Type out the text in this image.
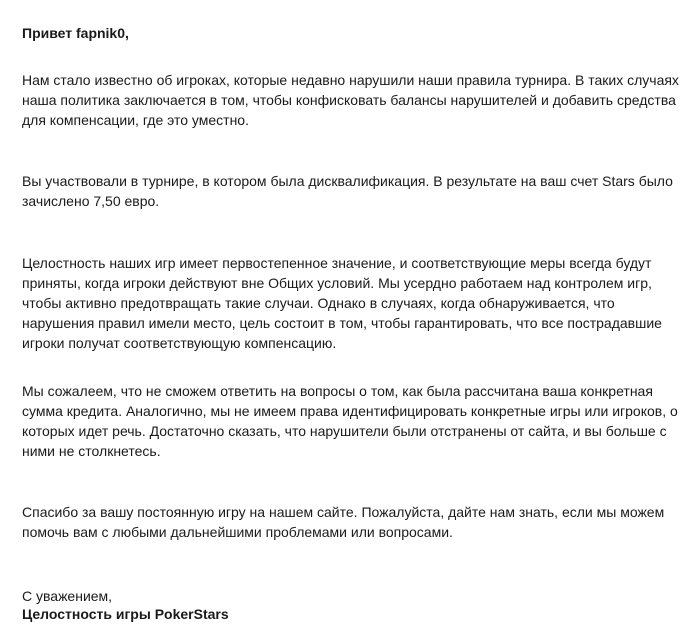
Привет fapnik0,

Нам стало известно об игроках, которые недавно нарушили наши правила турнира. В таких случаях наша политика заключается в том, чтобы конфисковать балансы нарушителей и добавить средства для компенсации, где это уместно.

Вы участвовали в турнире, в котором была дисквалификация. В результате на ваш счет Stars было зачислено 7,50 евро.

Целостность наших игр имеет первостепенное значение, и соответствующие меры всегда будут приняты, когда игроки действуют вне Общих условий. Мы усердно работаем над контролем игр, чтобы активно предотвращать такие случаи. Однако в случаях, когда обнаруживается, что нарушения правил имели место, цель состоит в том, чтобы гарантировать, что все пострадавшие игроки получат соответствующую компенсацию.

Мы сожалеем, что не сможем ответить на вопросы о том, как была рассчитана ваша конкретная сумма кредита. Аналогично, мы не имеем права идентифицировать конкретные игры или игроков, о которых идет речь. Достаточно сказать, что нарушители были отстранены от сайта, и вы больше с ними не столкнетесь.

Спасибо за вашу постоянную игру на нашем сайте. Пожалуйста, дайте нам знать, если мы можем помочь вам с любыми дальнейшими проблемами или вопросами.

С уважением,

Целостность игры PokerStars
